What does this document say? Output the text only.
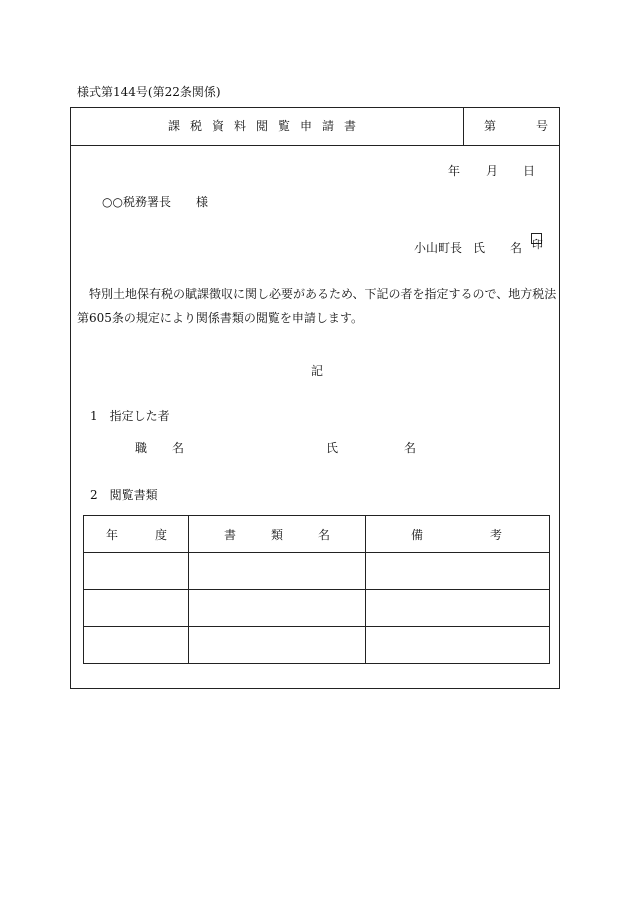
様式第144号(第22条関係)
課税資料閲覧申請書	第	号
年 月 日
○○税務署長 様
小山町長 氏 名 印
特別土地保有税の賦課徴収に関し必要があるため、下記の者を指定するので、地方税法
第605条の規定により関係書類の閲覧を申請します。
記
1　指定した者
職 名	氏	名
2　閲覧書類
年 度	書 類 名	備 考
